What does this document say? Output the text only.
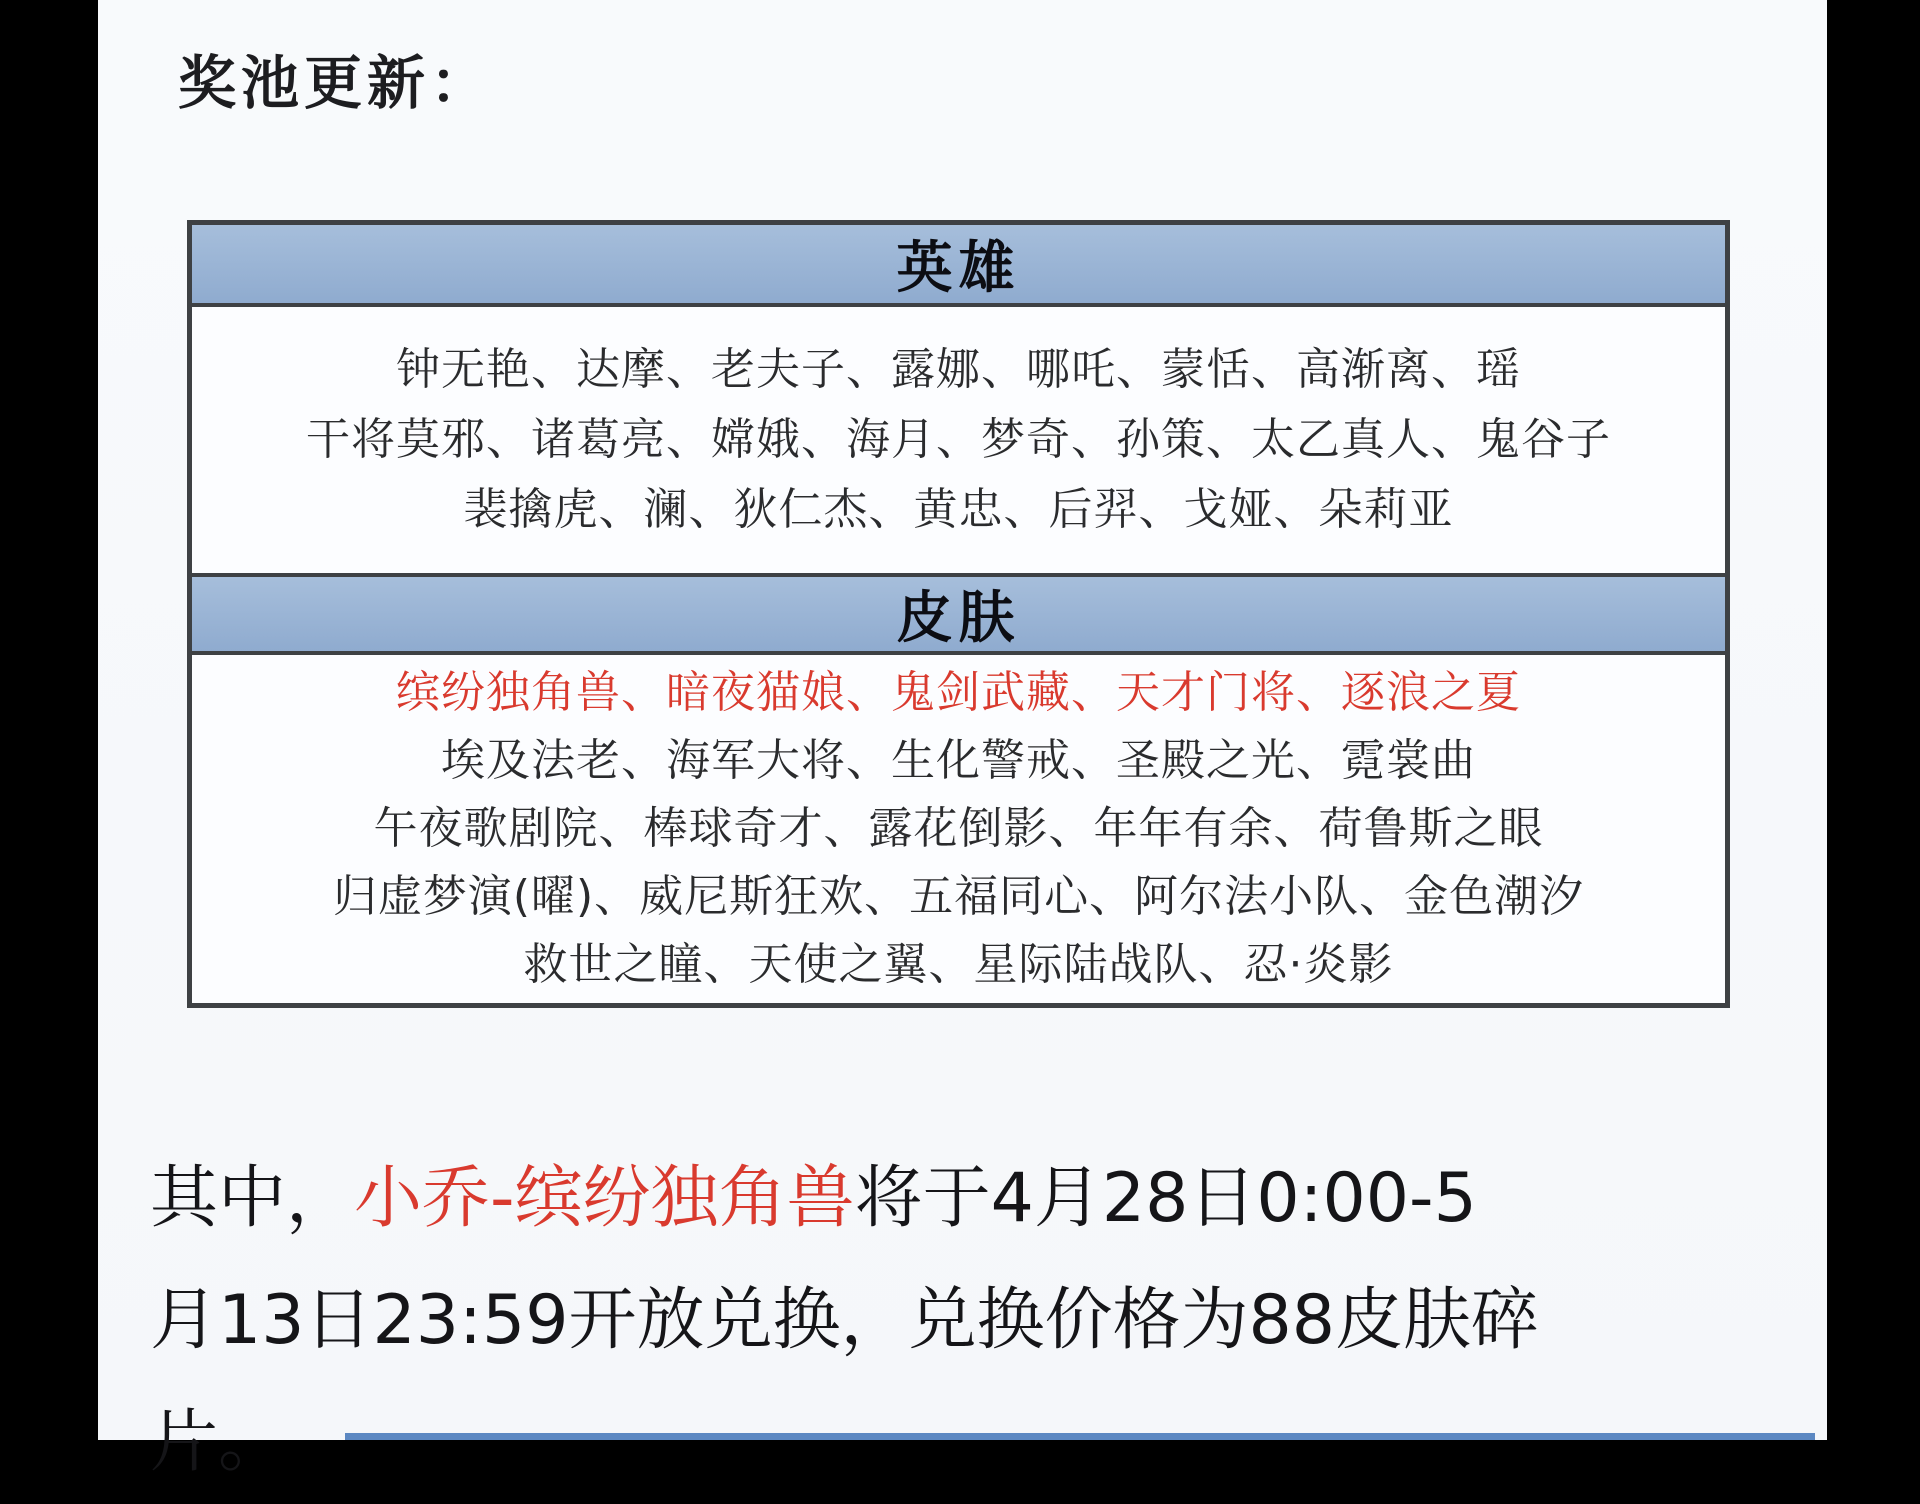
奖池更新：
英雄
钟无艳、达摩、老夫子、露娜、哪吒、蒙恬、高渐离、瑶
干将莫邪、诸葛亮、嫦娥、海月、梦奇、孙策、太乙真人、鬼谷子
裴擒虎、澜、狄仁杰、黄忠、后羿、戈娅、朵莉亚
皮肤
缤纷独角兽、暗夜猫娘、鬼剑武藏、天才门将、逐浪之夏
埃及法老、海军大将、生化警戒、圣殿之光、霓裳曲
午夜歌剧院、棒球奇才、露花倒影、年年有余、荷鲁斯之眼
归虚梦演(曜)、威尼斯狂欢、五福同心、阿尔法小队、金色潮汐
救世之瞳、天使之翼、星际陆战队、忍·炎影
其中，小乔-缤纷独角兽将于4月28日0:00-5
月13日23:59开放兑换，兑换价格为88皮肤碎
片。
